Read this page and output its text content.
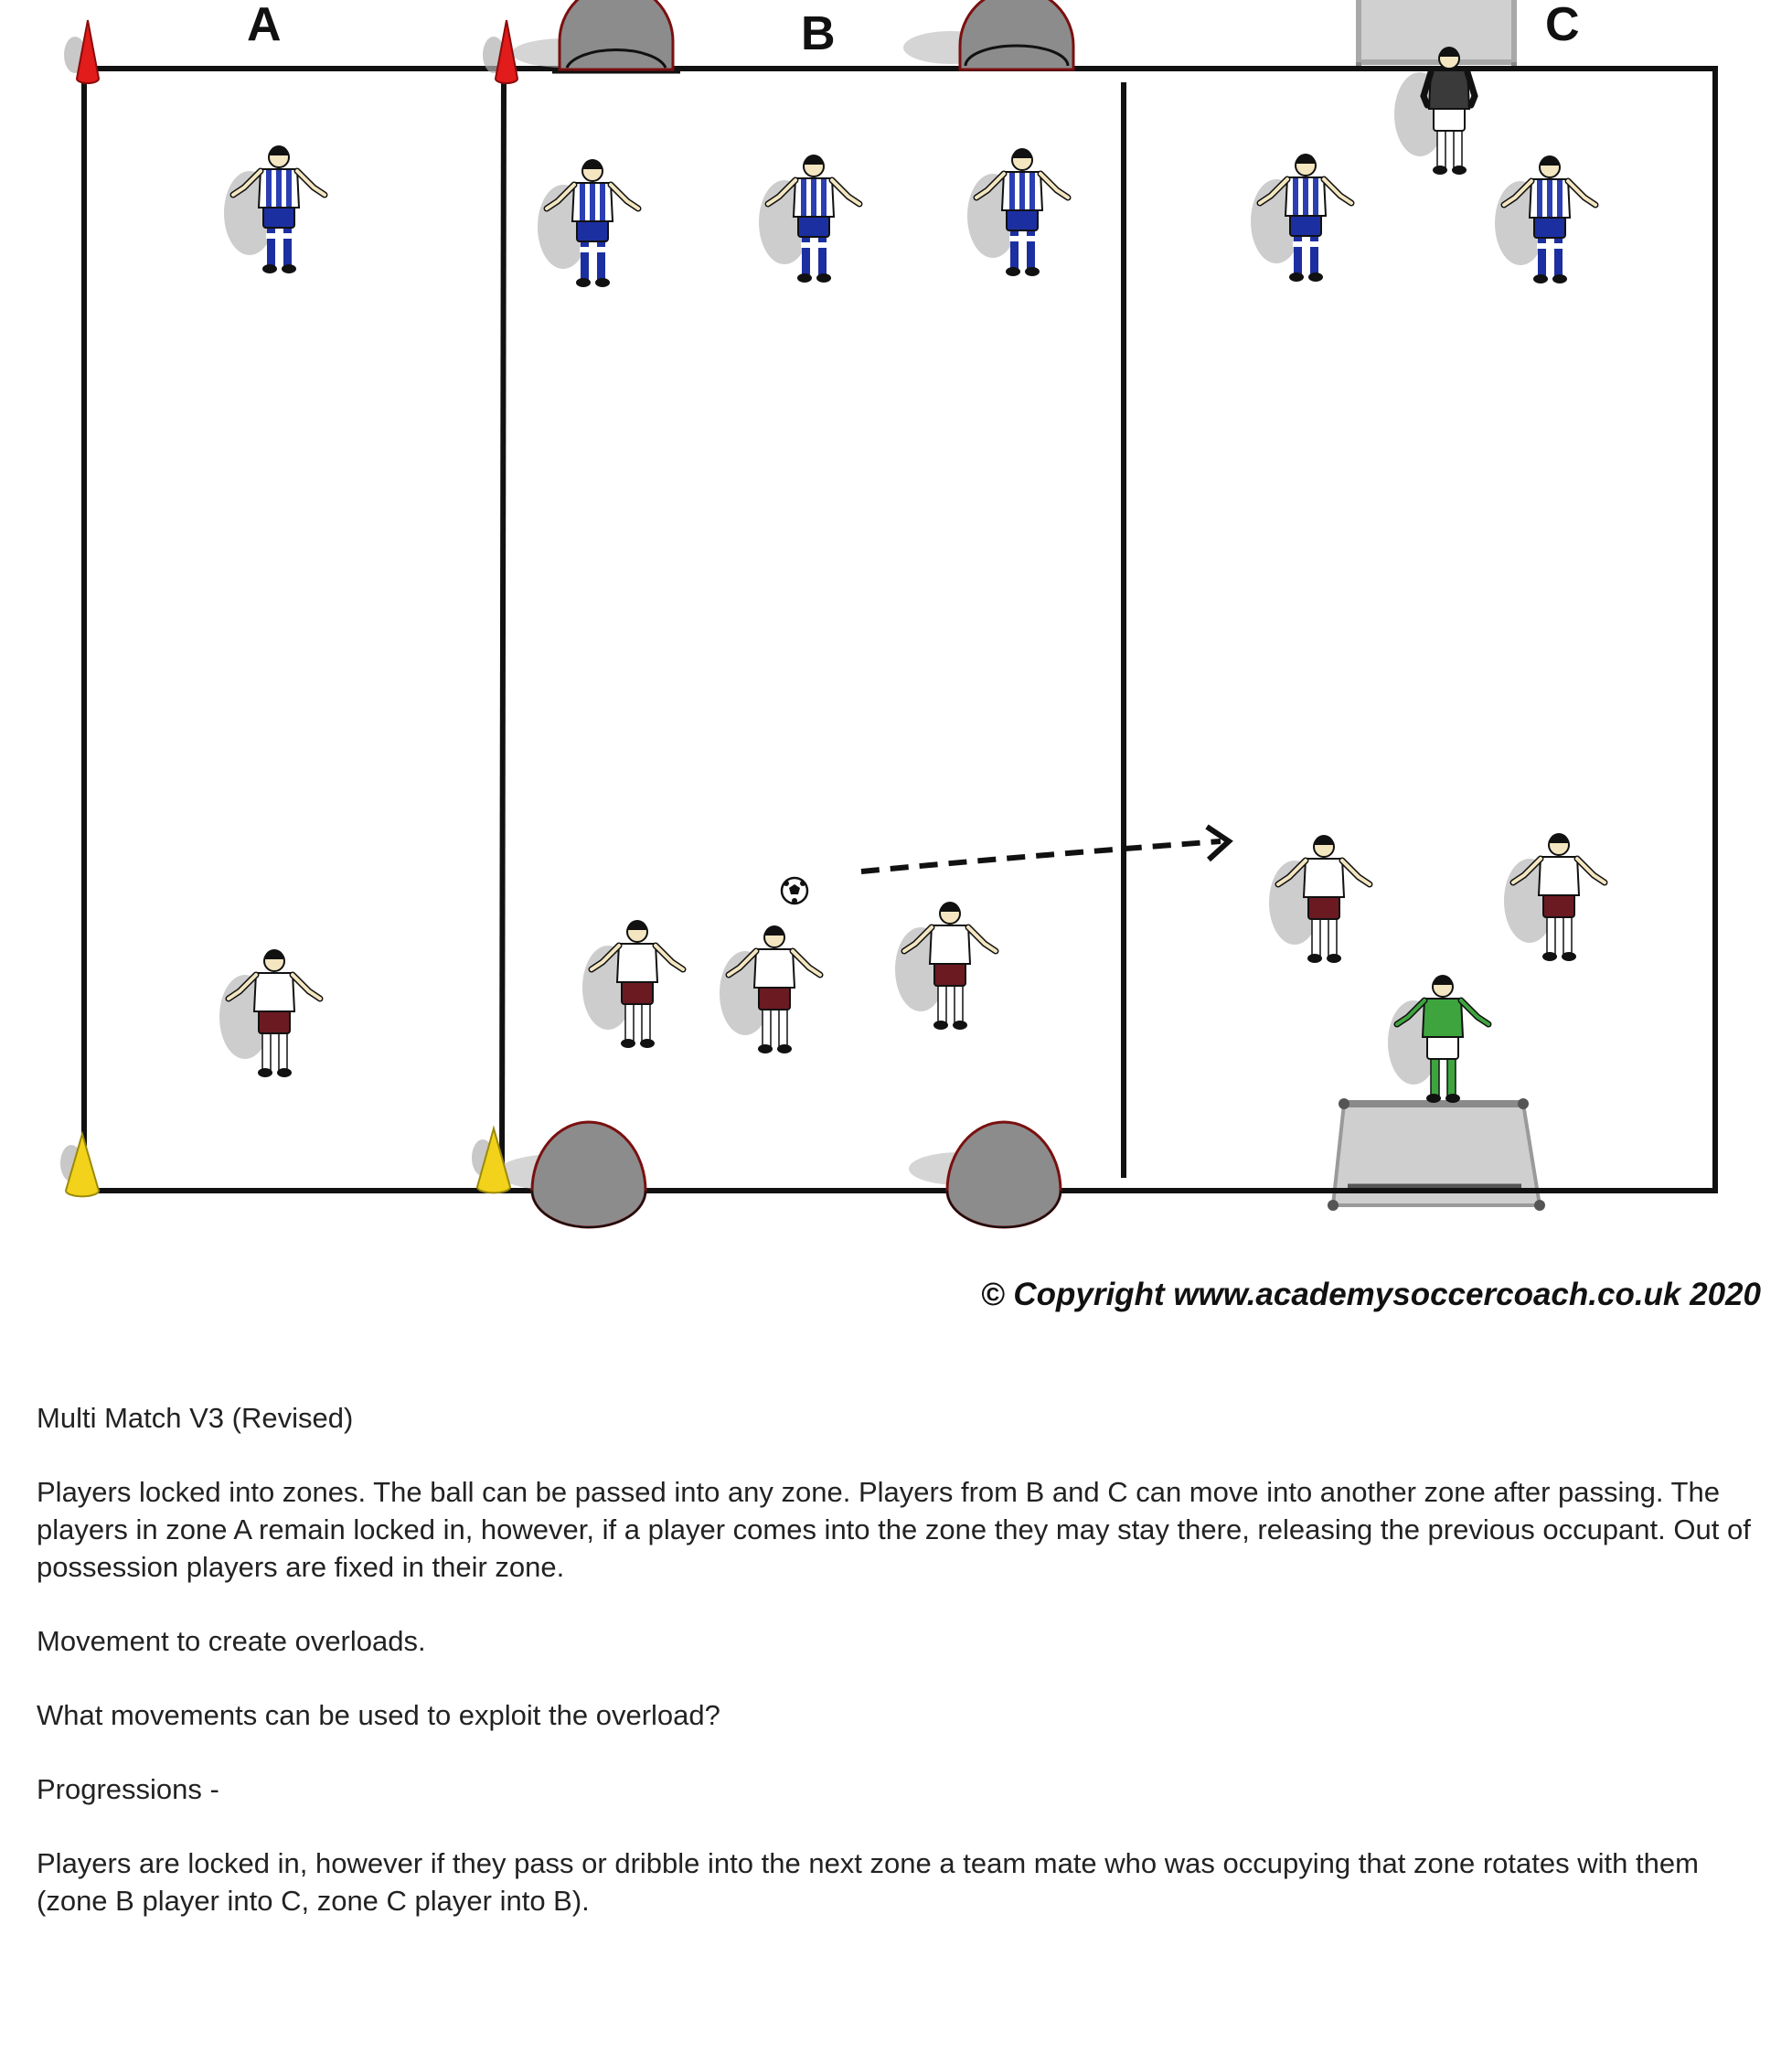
A	B	C
© Copyright www.academysoccercoach.co.uk 2020

Multi Match V3 (Revised)

Players locked into zones. The ball can be passed into any zone. Players from B and C can move into another zone after passing. The players in zone A remain locked in, however, if a player comes into the zone they may stay there, releasing the previous occupant. Out of possession players are fixed in their zone.

Movement to create overloads.

What movements can be used to exploit the overload?

Progressions -

Players are locked in, however if they pass or dribble into the next zone a team mate who was occupying that zone rotates with them (zone B player into C, zone C player into B).
